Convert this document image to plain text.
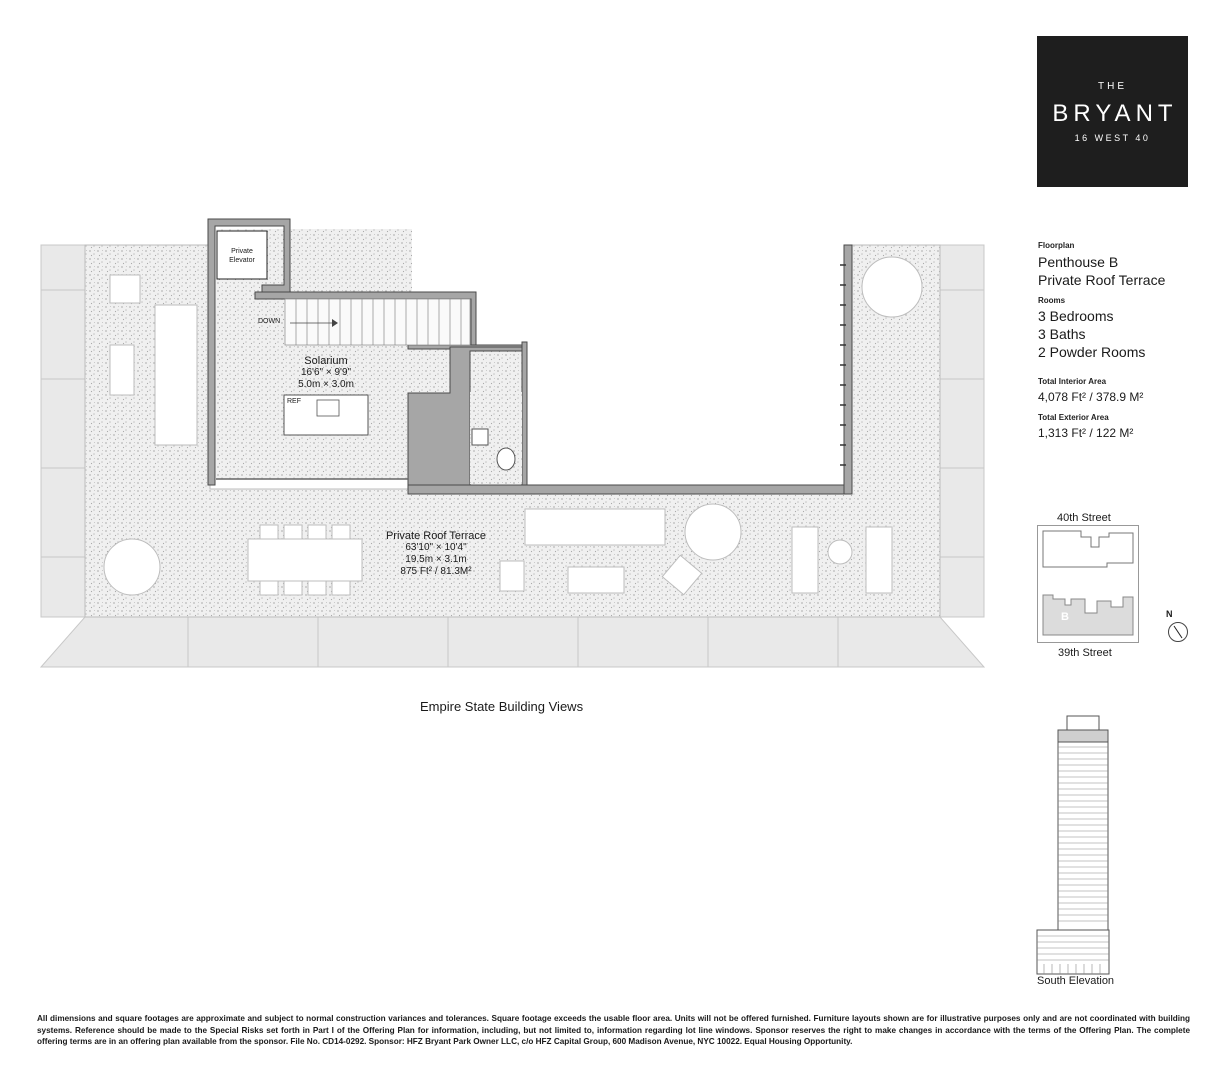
THE
BRYANT
16 WEST 40
Floorplan
Penthouse B
Private Roof Terrace
Rooms
3 Bedrooms
3 Baths
2 Powder Rooms
Total Interior Area
4,078 Ft² / 378.9 M²
Total Exterior Area
1,313 Ft² / 122 M²
Private
Elevator
DOWN
REF
Solarium
16'6" × 9'9"
5.0m × 3.0m
Private Roof Terrace
63'10" × 10'4"
19.5m × 3.1m
875 Ft² / 81.3M²
Empire State Building Views
40th Street
B
39th Street
N
South Elevation
All dimensions and square footages are approximate and subject to normal construction variances and tolerances. Square footage exceeds the usable floor area. Units will not be offered furnished. Furniture layouts shown are for illustrative purposes only and are not coordinated with building systems. Reference should be made to the Special Risks set forth in Part I of the Offering Plan for information, including, but not limited to, information regarding lot line windows. Sponsor reserves the right to make changes in accordance with the terms of the Offering Plan. The complete offering terms are in an offering plan available from the sponsor. File No. CD14-0292. Sponsor: HFZ Bryant Park Owner LLC, c/o HFZ Capital Group, 600 Madison Avenue, NYC 10022. Equal Housing Opportunity.
